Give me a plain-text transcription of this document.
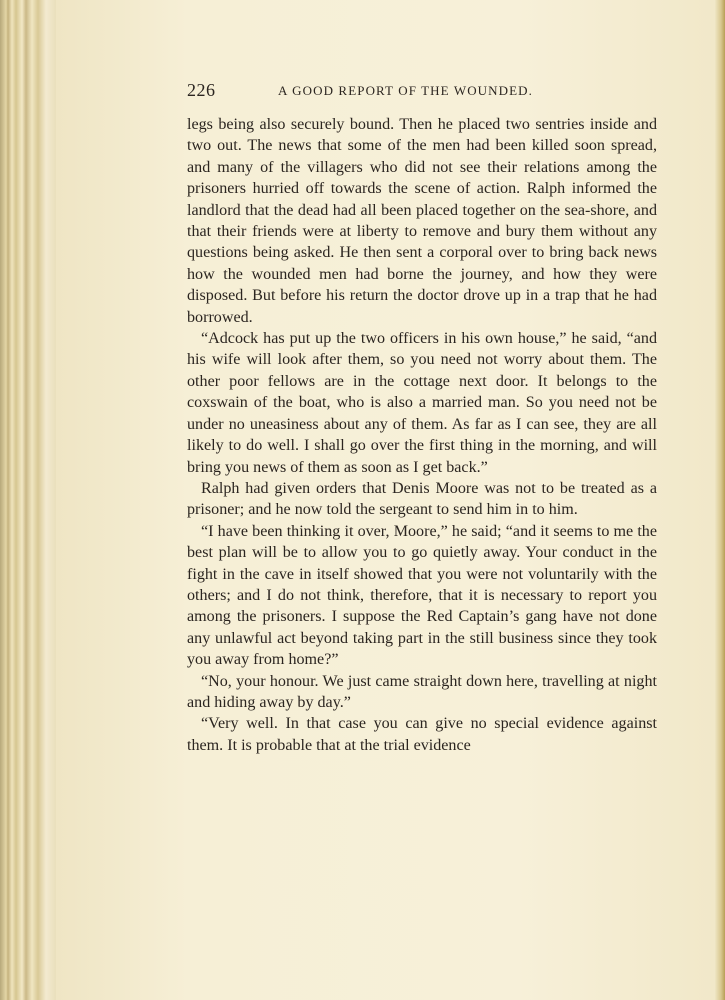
226	A GOOD REPORT OF THE WOUNDED.

legs being also securely bound. Then he placed two sentries inside and two out. The news that some of the men had been killed soon spread, and many of the villagers who did not see their relations among the prisoners hurried off towards the scene of action. Ralph informed the landlord that the dead had all been placed together on the sea-shore, and that their friends were at liberty to remove and bury them without any questions being asked. He then sent a corporal over to bring back news how the wounded men had borne the journey, and how they were disposed. But before his return the doctor drove up in a trap that he had borrowed.

“Adcock has put up the two officers in his own house,” he said, “and his wife will look after them, so you need not worry about them. The other poor fellows are in the cottage next door. It belongs to the coxswain of the boat, who is also a married man. So you need not be under no uneasiness about any of them. As far as I can see, they are all likely to do well. I shall go over the first thing in the morning, and will bring you news of them as soon as I get back.”

Ralph had given orders that Denis Moore was not to be treated as a prisoner; and he now told the sergeant to send him in to him.

“I have been thinking it over, Moore,” he said; “and it seems to me the best plan will be to allow you to go quietly away. Your conduct in the fight in the cave in itself showed that you were not voluntarily with the others; and I do not think, therefore, that it is necessary to report you among the prisoners. I suppose the Red Captain’s gang have not done any unlawful act beyond taking part in the still business since they took you away from home?”

“No, your honour. We just came straight down here, travelling at night and hiding away by day.”

“Very well. In that case you can give no special evidence against them. It is probable that at the trial evidence
